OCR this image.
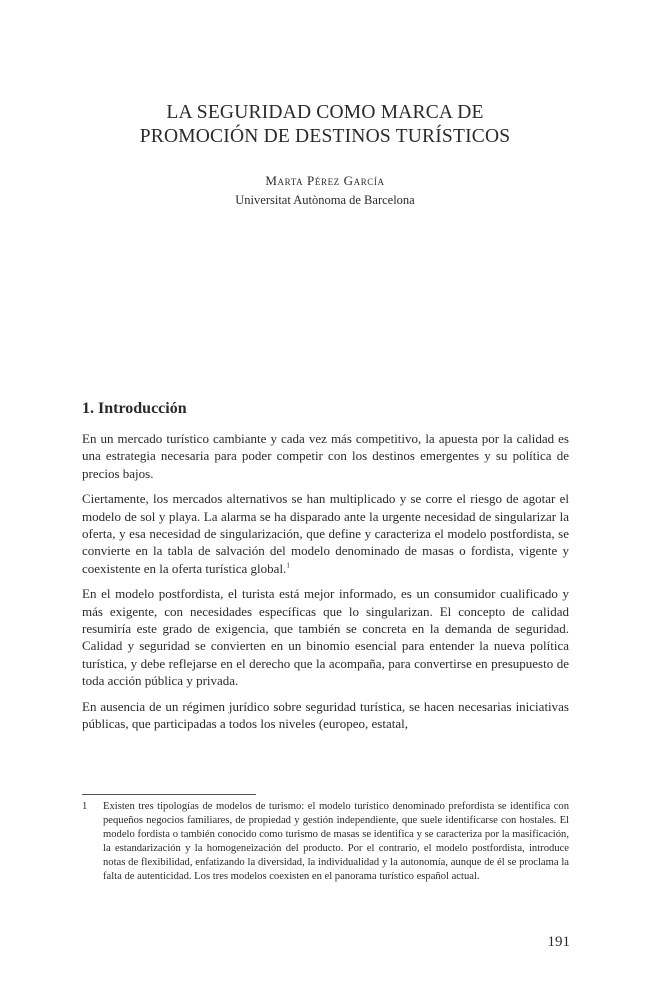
LA SEGURIDAD COMO MARCA DE
PROMOCIÓN DE DESTINOS TURÍSTICOS
Marta Pérez García
Universitat Autònoma de Barcelona
1. Introducción

En un mercado turístico cambiante y cada vez más competitivo, la apuesta por la calidad es una estrategia necesaria para poder competir con los destinos emergentes y su política de precios bajos.

Ciertamente, los mercados alternativos se han multiplicado y se corre el riesgo de agotar el modelo de sol y playa. La alarma se ha disparado ante la urgente necesidad de singularizar la oferta, y esa necesidad de singularización, que define y caracteriza el modelo postfordista, se convierte en la tabla de salvación del modelo denominado de masas o fordista, vigente y coexistente en la oferta turística global.$^1$

En el modelo postfordista, el turista está mejor informado, es un consumidor cualificado y más exigente, con necesidades específicas que lo singularizan. El concepto de calidad resumiría este grado de exigencia, que también se concreta en la demanda de seguridad. Calidad y seguridad se convierten en un binomio esencial para entender la nueva política turística, y debe reflejarse en el derecho que la acompaña, para convertirse en presupuesto de toda acción pública y privada.

En ausencia de un régimen jurídico sobre seguridad turística, se hacen necesarias iniciativas públicas, que participadas a todos los niveles (europeo, estatal,

1	Existen tres tipologías de modelos de turismo: el modelo turístico denominado prefordista se identifica con pequeños negocios familiares, de propiedad y gestión independiente, que suele identificarse con hostales. El modelo fordista o también conocido como turismo de masas se identifica y se caracteriza por la masificación, la estandarización y la homogeneización del producto. Por el contrario, el modelo postfordista, introduce notas de flexibilidad, enfatizando la diversidad, la individualidad y la autonomía, aunque de él se proclama la falta de autenticidad. Los tres modelos coexisten en el panorama turístico español actual.
191
